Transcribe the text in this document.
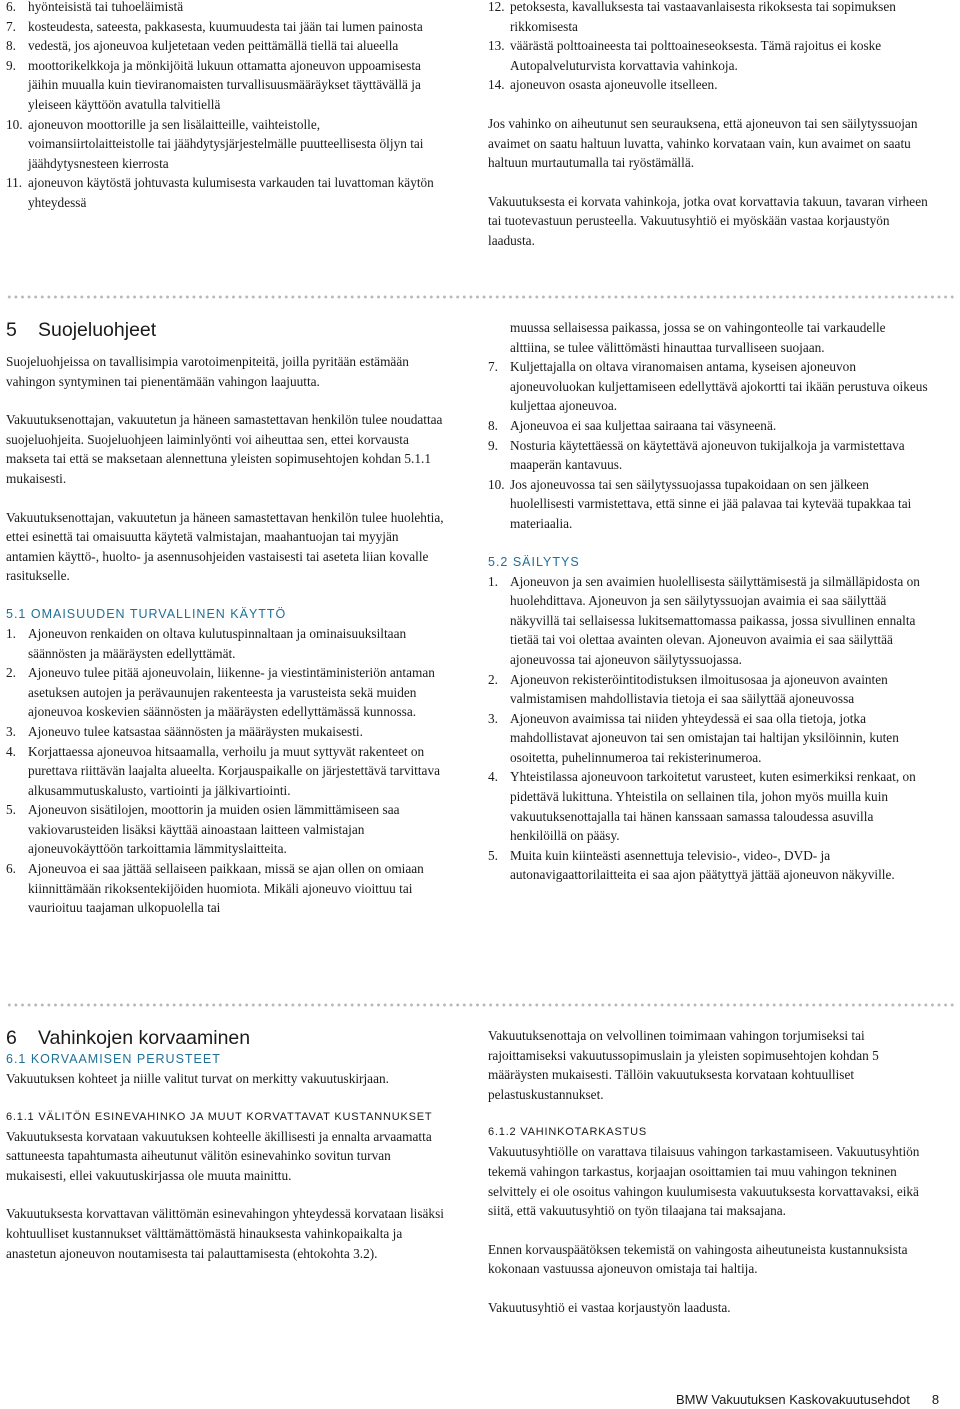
6. hyönteisistä tai tuhoeläimistä
7. kosteudesta, sateesta, pakkasesta, kuumuudesta tai jään tai lumen painosta
8. vedestä, jos ajoneuvoa kuljetetaan veden peittämällä tiellä tai alueella
9. moottorikelkkoja ja mönkijöitä lukuun ottamatta ajoneuvon uppoamisesta jäihin muualla kuin tieviranomaisten turvallisuusmääräykset täyttävällä ja yleiseen käyttöön avatulla talvitiellä
10. ajoneuvon moottorille ja sen lisälaitteille, vaihteistolle, voimansiirtolaitteistolle tai jäähdytysjärjestelmälle puutteellisesta öljyn tai jäähdytysnesteen kierrosta
11. ajoneuvon käytöstä johtuvasta kulumisesta varkauden tai luvattoman käytön yhteydessä
12. petoksesta, kavalluksesta tai vastaavanlaisesta rikoksesta tai sopimuksen rikkomisesta
13. väärästä polttoaineesta tai polttoaineseoksesta. Tämä rajoitus ei koske Autopalveluturvista korvattavia vahinkoja.
14. ajoneuvon osasta ajoneuvolle itselleen.

Jos vahinko on aiheutunut sen seurauksena, että ajoneuvon tai sen säilytyssuojan avaimet on saatu haltuun luvatta, vahinko korvataan vain, kun avaimet on saatu haltuun murtautumalla tai ryöstämällä.

Vakuutuksesta ei korvata vahinkoja, jotka ovat korvattavia takuun, tavaran virheen tai tuotevastuun perusteella. Vakuutusyhtiö ei myöskään vastaa korjaustyön laadusta.

5 Suojeluohjeet

Suojeluohjeissa on tavallisimpia varotoimenpiteitä, joilla pyritään estämään vahingon syntyminen tai pienentämään vahingon laajuutta.

Vakuutuksenottajan, vakuutetun ja häneen samastettavan henkilön tulee noudattaa suojeluohjeita. Suojeluohjeen laiminlyönti voi aiheuttaa sen, ettei korvausta makseta tai että se maksetaan alennettuna yleisten sopimusehtojen kohdan 5.1.1 mukaisesti.

Vakuutuksenottajan, vakuutetun ja häneen samastettavan henkilön tulee huolehtia, ettei esinettä tai omaisuutta käytetä valmistajan, maahantuojan tai myyjän antamien käyttö-, huolto- ja asennusohjeiden vastaisesti tai aseteta liian kovalle rasitukselle.

5.1 OMAISUUDEN TURVALLINEN KÄYTTÖ
1. Ajoneuvon renkaiden on oltava kulutuspinnaltaan ja ominaisuuksiltaan säännösten ja määräysten edellyttämät.
2. Ajoneuvo tulee pitää ajoneuvolain, liikenne- ja viestintäministeriön antaman asetuksen autojen ja perävaunujen rakenteesta ja varusteista sekä muiden ajoneuvoa koskevien säännösten ja määräysten edellyttämässä kunnossa.
3. Ajoneuvo tulee katsastaa säännösten ja määräysten mukaisesti.
4. Korjattaessa ajoneuvoa hitsaamalla, verhoilu ja muut syttyvät rakenteet on purettava riittävän laajalta alueelta. Korjauspaikalle on järjestettävä tarvittava alkusammutuskalusto, vartiointi ja jälkivartiointi.
5. Ajoneuvon sisätilojen, moottorin ja muiden osien lämmittämiseen saa vakiovarusteiden lisäksi käyttää ainoastaan laitteen valmistajan ajoneuvokäyttöön tarkoittamia lämmityslaitteita.
6. Ajoneuvoa ei saa jättää sellaiseen paikkaan, missä se ajan ollen on omiaan kiinnittämään rikoksentekijöiden huomiota. Mikäli ajoneuvo vioittuu tai vaurioituu taajaman ulkopuolella tai
muussa sellaisessa paikassa, jossa se on vahingonteolle tai varkaudelle alttiina, se tulee välittömästi hinauttaa turvalliseen suojaan.
7. Kuljettajalla on oltava viranomaisen antama, kyseisen ajoneuvon ajoneuvoluokan kuljettamiseen edellyttävä ajokortti tai ikään perustuva oikeus kuljettaa ajoneuvoa.
8. Ajoneuvoa ei saa kuljettaa sairaana tai väsyneenä.
9. Nosturia käytettäessä on käytettävä ajoneuvon tukijalkoja ja varmistettava maaperän kantavuus.
10. Jos ajoneuvossa tai sen säilytyssuojassa tupakoidaan on sen jälkeen huolellisesti varmistettava, että sinne ei jää palavaa tai kytevää tupakkaa tai materiaalia.
5.2 SÄILYTYS
1. Ajoneuvon ja sen avaimien huolellisesta säilyttämisestä ja silmälläpidosta on huolehdittava. Ajoneuvon ja sen säilytyssuojan avaimia ei saa säilyttää näkyvillä tai sellaisessa lukitsemattomassa paikassa, jossa sivullinen ennalta tietää tai voi olettaa avainten olevan. Ajoneuvon avaimia ei saa säilyttää ajoneuvossa tai ajoneuvon säilytyssuojassa.
2. Ajoneuvon rekisteröintitodistuksen ilmoitusosaa ja ajoneuvon avainten valmistamisen mahdollistavia tietoja ei saa säilyttää ajoneuvossa
3. Ajoneuvon avaimissa tai niiden yhteydessä ei saa olla tietoja, jotka mahdollistavat ajoneuvon tai sen omistajan tai haltijan yksilöinnin, kuten osoitetta, puhelinnumeroa tai rekisterinumeroa.
4. Yhteistilassa ajoneuvoon tarkoitetut varusteet, kuten esimerkiksi renkaat, on pidettävä lukittuna. Yhteistila on sellainen tila, johon myös muilla kuin vakuutuksenottajalla tai hänen kanssaan samassa taloudessa asuvilla henkilöillä on pääsy.
5. Muita kuin kiinteästi asennettuja televisio-, video-, DVD- ja autonavigaattorilaitteita ei saa ajon päätyttyä jättää ajoneuvon näkyville.
6 Vahinkojen korvaaminen
6.1 KORVAAMISEN PERUSTEET

Vakuutuksen kohteet ja niille valitut turvat on merkitty vakuutuskirjaan.

6.1.1 VÄLITÖN ESINEVAHINKO JA MUUT KORVATTAVAT KUSTANNUKSET

Vakuutuksesta korvataan vakuutuksen kohteelle äkillisesti ja ennalta arvaamatta sattuneesta tapahtumasta aiheutunut välitön esinevahinko sovitun turvan mukaisesti, ellei vakuutuskirjassa ole muuta mainittu.

Vakuutuksesta korvattavan välittömän esinevahingon yhteydessä korvataan lisäksi kohtuulliset kustannukset välttämättömästä hinauksesta vahinkopaikalta ja anastetun ajoneuvon noutamisesta tai palauttamisesta (ehtokohta 3.2).

Vakuutuksenottaja on velvollinen toimimaan vahingon torjumiseksi tai rajoittamiseksi vakuutussopimuslain ja yleisten sopimusehtojen kohdan 5 määräysten mukaisesti. Tällöin vakuutuksesta korvataan kohtuulliset pelastuskustannukset.

6.1.2 VAHINKOTARKASTUS

Vakuutusyhtiölle on varattava tilaisuus vahingon tarkastamiseen. Vakuutusyhtiön tekemä vahingon tarkastus, korjaajan osoittamien tai muu vahingon tekninen selvittely ei ole osoitus vahingon kuulumisesta vakuutuksesta korvattavaksi, eikä siitä, että vakuutusyhtiö on työn tilaajana tai maksajana.

Ennen korvauspäätöksen tekemistä on vahingosta aiheutuneista kustannuksista kokonaan vastuussa ajoneuvon omistaja tai haltija.

Vakuutusyhtiö ei vastaa korjaustyön laadusta.

BMW Vakuutuksen Kaskovakuutusehdot 8
